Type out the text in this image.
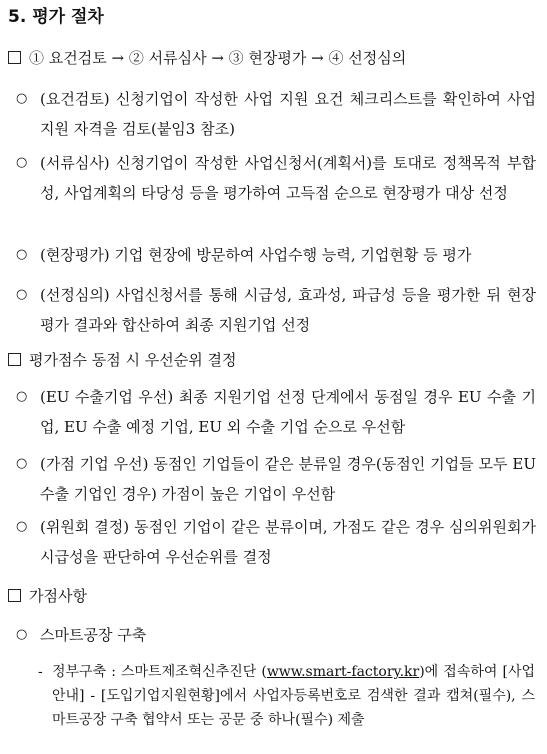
5. 평가 절차
① 요건검토 → ② 서류심사 → ③ 현장평가 → ④ 선정심의
○ (요건검토) 신청기업이 작성한 사업 지원 요건 체크리스트를 확인하여 사업 지원 자격을 검토(붙임3 참조)
○ (서류심사) 신청기업이 작성한 사업신청서(계획서)를 토대로 정책목적 부합성, 사업계획의 타당성 등을 평가하여 고득점 순으로 현장평가 대상 선정
○ (현장평가) 기업 현장에 방문하여 사업수행 능력, 기업현황 등 평가
○ (선정심의) 사업신청서를 통해 시급성, 효과성, 파급성 등을 평가한 뒤 현장평가 결과와 합산하여 최종 지원기업 선정
평가점수 동점 시 우선순위 결정
○ (EU 수출기업 우선) 최종 지원기업 선정 단계에서 동점일 경우 EU 수출 기업, EU 수출 예정 기업, EU 외 수출 기업 순으로 우선함
○ (가점 기업 우선) 동점인 기업들이 같은 분류일 경우(동점인 기업들 모두 EU 수출 기업인 경우) 가점이 높은 기업이 우선함
○ (위원회 결정) 동점인 기업이 같은 분류이며, 가점도 같은 경우 심의위원회가 시급성을 판단하여 우선순위를 결정
가점사항
○ 스마트공장 구축
- 정부구축 : 스마트제조혁신추진단 (www.smart-factory.kr)에 접속하여 [사업안내] - [도입기업지원현황]에서 사업자등록번호로 검색한 결과 캡쳐(필수), 스마트공장 구축 협약서 또는 공문 중 하나(필수) 제출
